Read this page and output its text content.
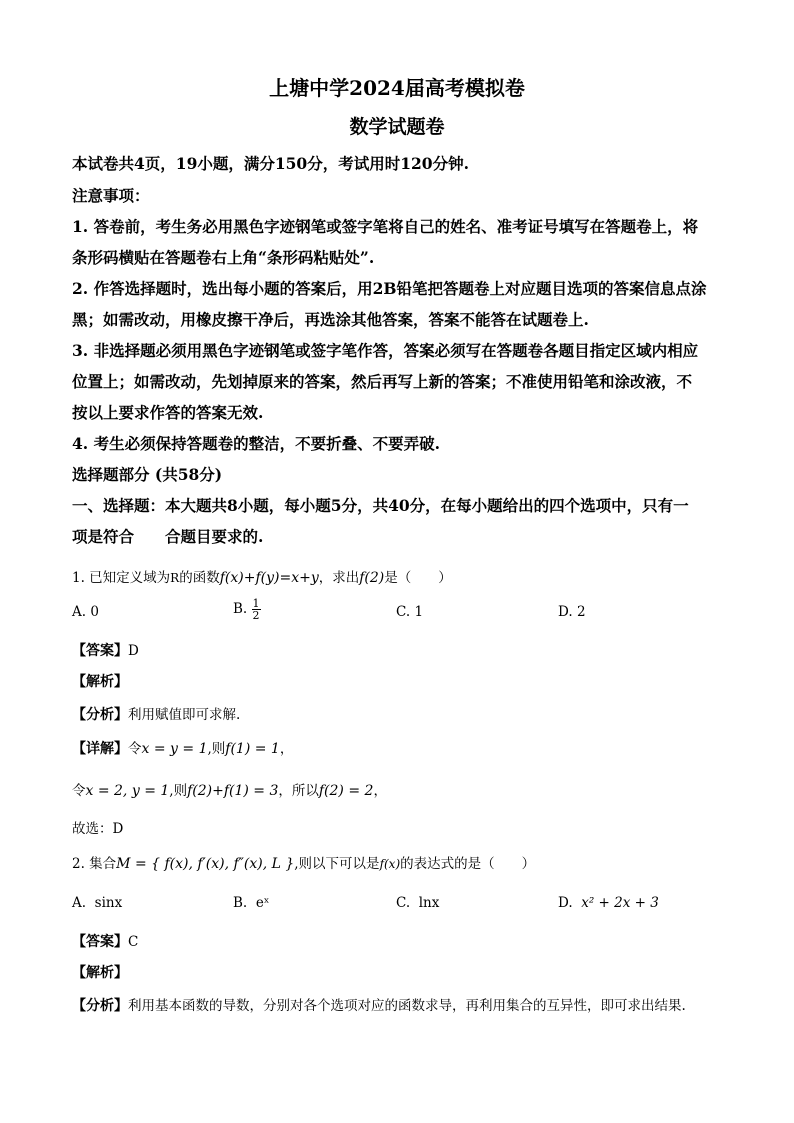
上塘中学2024届高考模拟卷
数学试题卷
本试卷共4页，19小题，满分150分，考试用时120分钟.
注意事项：
1. 答卷前，考生务必用黑色字迹钢笔或签字笔将自己的姓名、准考证号填写在答题卷上，将
条形码横贴在答题卷右上角“条形码粘贴处”.
2. 作答选择题时，选出每小题的答案后，用2B铅笔把答题卷上对应题目选项的答案信息点涂
黑；如需改动，用橡皮擦干净后，再选涂其他答案，答案不能答在试题卷上.
3. 非选择题必须用黑色字迹钢笔或签字笔作答，答案必须写在答题卷各题目指定区域内相应
位置上；如需改动，先划掉原来的答案，然后再写上新的答案；不准使用铅笔和涂改液，不
按以上要求作答的答案无效.
4. 考生必须保持答题卷的整洁，不要折叠、不要弄破.
选择题部分 (共58分)
一、选择题：本大题共8小题，每小题5分，共40分，在每小题给出的四个选项中，只有一
项是符合　　合题目要求的.
1. 已知定义域为R的函数f(x)+f(y)=x+y，求出f(2)是（　　）
A. 0	B. $\frac{1}{2}$	C. 1	D. 2
【答案】D
【解析】
【分析】利用赋值即可求解.
【详解】令x = y = 1,则f(1) = 1，
令x = 2, y = 1,则f(2)+f(1) = 3，所以f(2) = 2，
故选：D
2. 集合M = { f(x), f′(x), f″(x), L },则以下可以是f(x)的表达式的是（　　）
A. sinx	B. eˣ	C. lnx	D. x² + 2x + 3
【答案】C
【解析】
【分析】利用基本函数的导数，分别对各个选项对应的函数求导，再利用集合的互异性，即可求出结果.
